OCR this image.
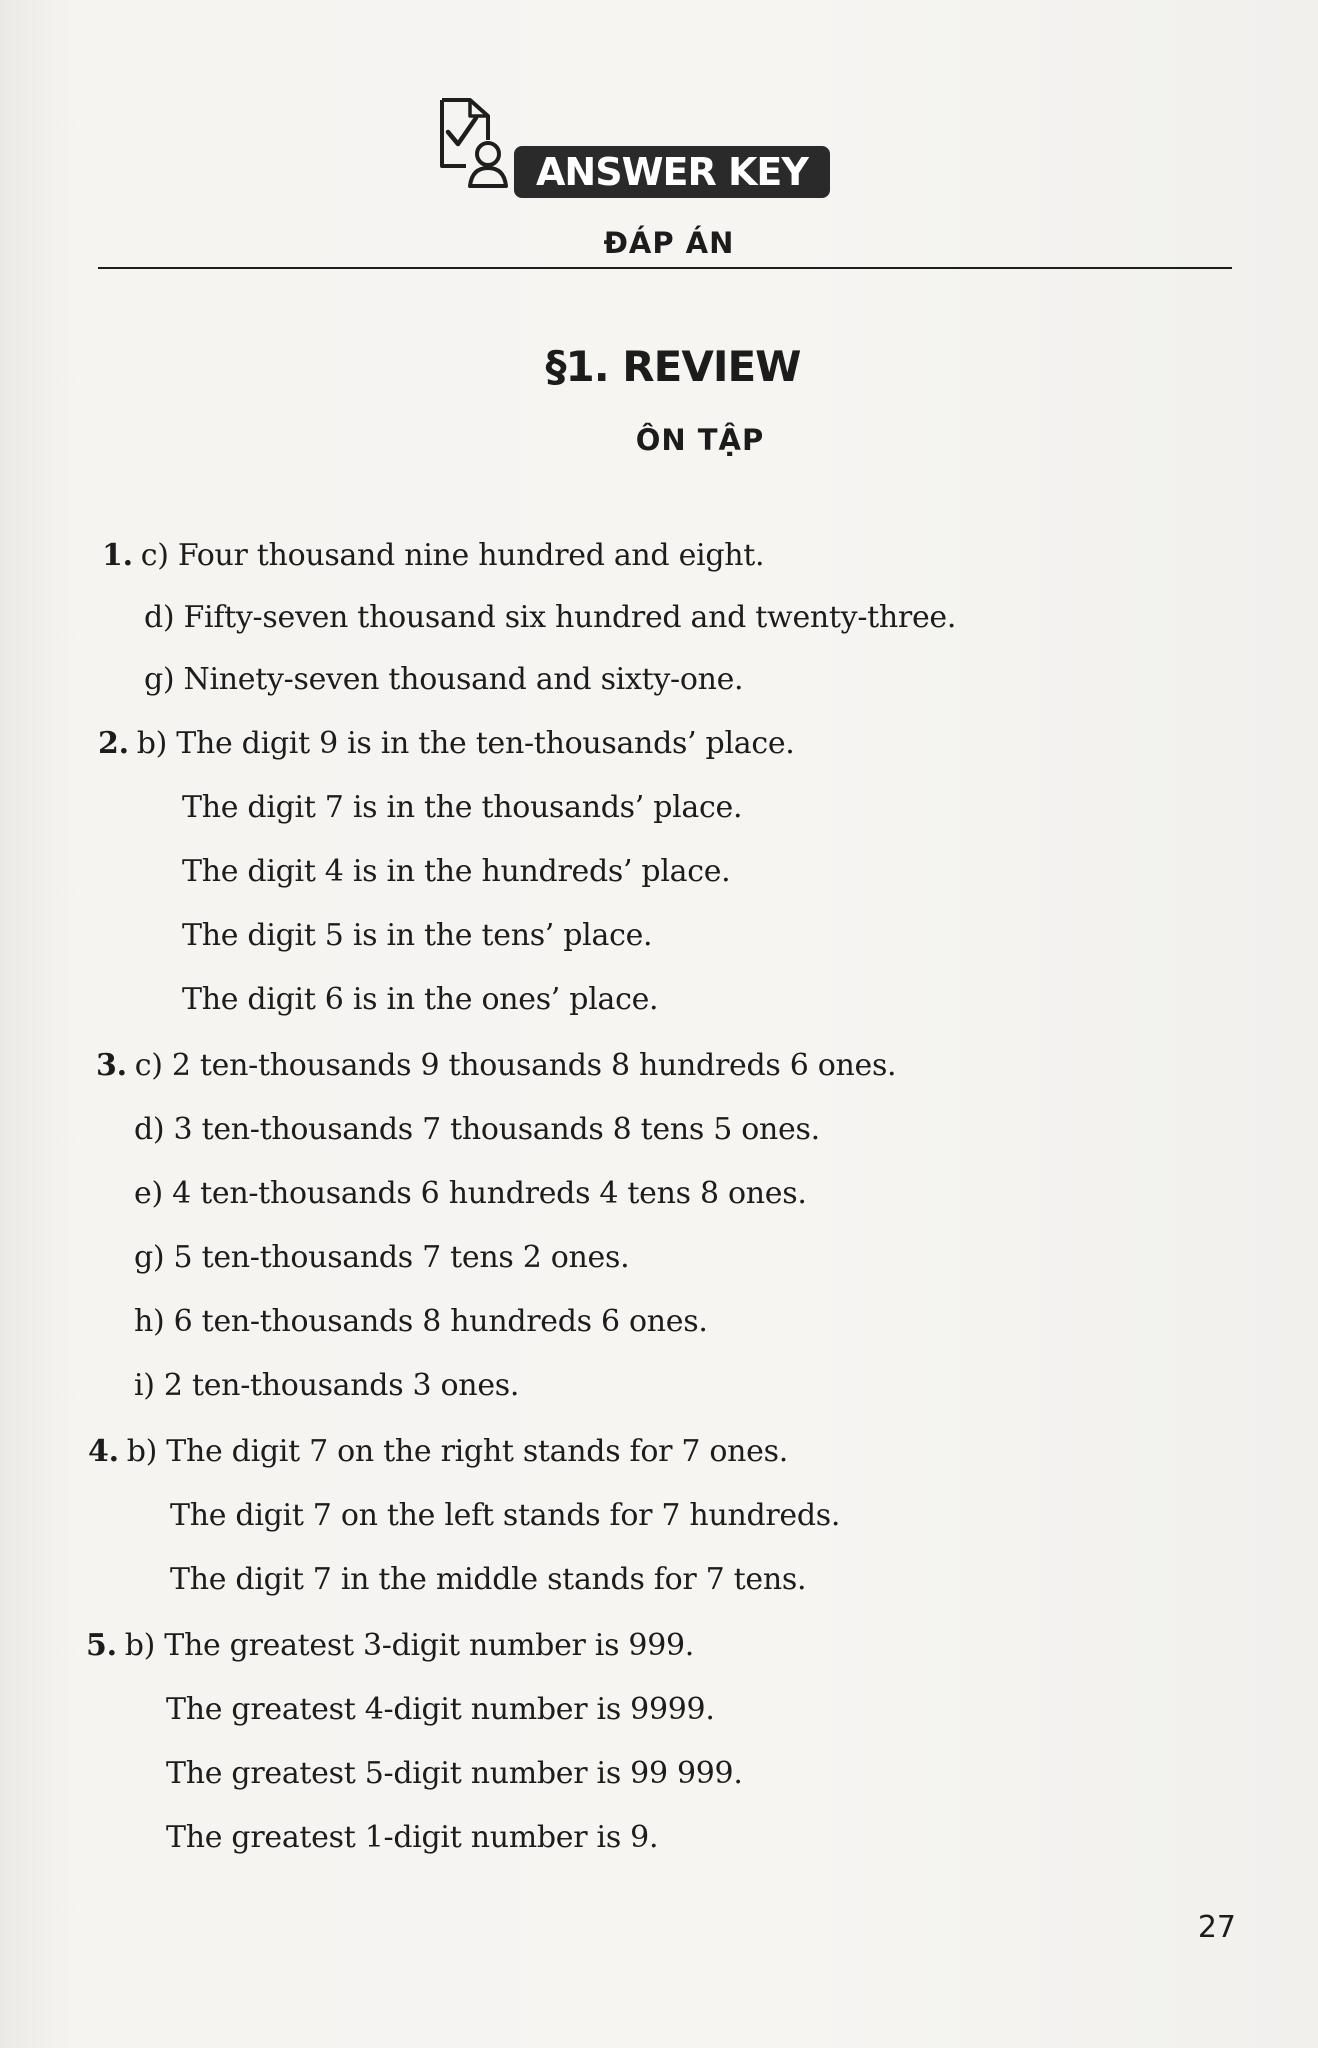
ANSWER KEY
ĐÁP ÁN
§1. REVIEW
ÔN TẬP
1. c) Four thousand nine hundred and eight.
d) Fifty-seven thousand six hundred and twenty-three.
g) Ninety-seven thousand and sixty-one.
2. b) The digit 9 is in the ten-thousands’ place.
The digit 7 is in the thousands’ place.
The digit 4 is in the hundreds’ place.
The digit 5 is in the tens’ place.
The digit 6 is in the ones’ place.
3. c) 2 ten-thousands 9 thousands 8 hundreds 6 ones.
d) 3 ten-thousands 7 thousands 8 tens 5 ones.
e) 4 ten-thousands 6 hundreds 4 tens 8 ones.
g) 5 ten-thousands 7 tens 2 ones.
h) 6 ten-thousands 8 hundreds 6 ones.
i) 2 ten-thousands 3 ones.
4. b) The digit 7 on the right stands for 7 ones.
The digit 7 on the left stands for 7 hundreds.
The digit 7 in the middle stands for 7 tens.
5. b) The greatest 3-digit number is 999.
The greatest 4-digit number is 9999.
The greatest 5-digit number is 99 999.
The greatest 1-digit number is 9.
27
